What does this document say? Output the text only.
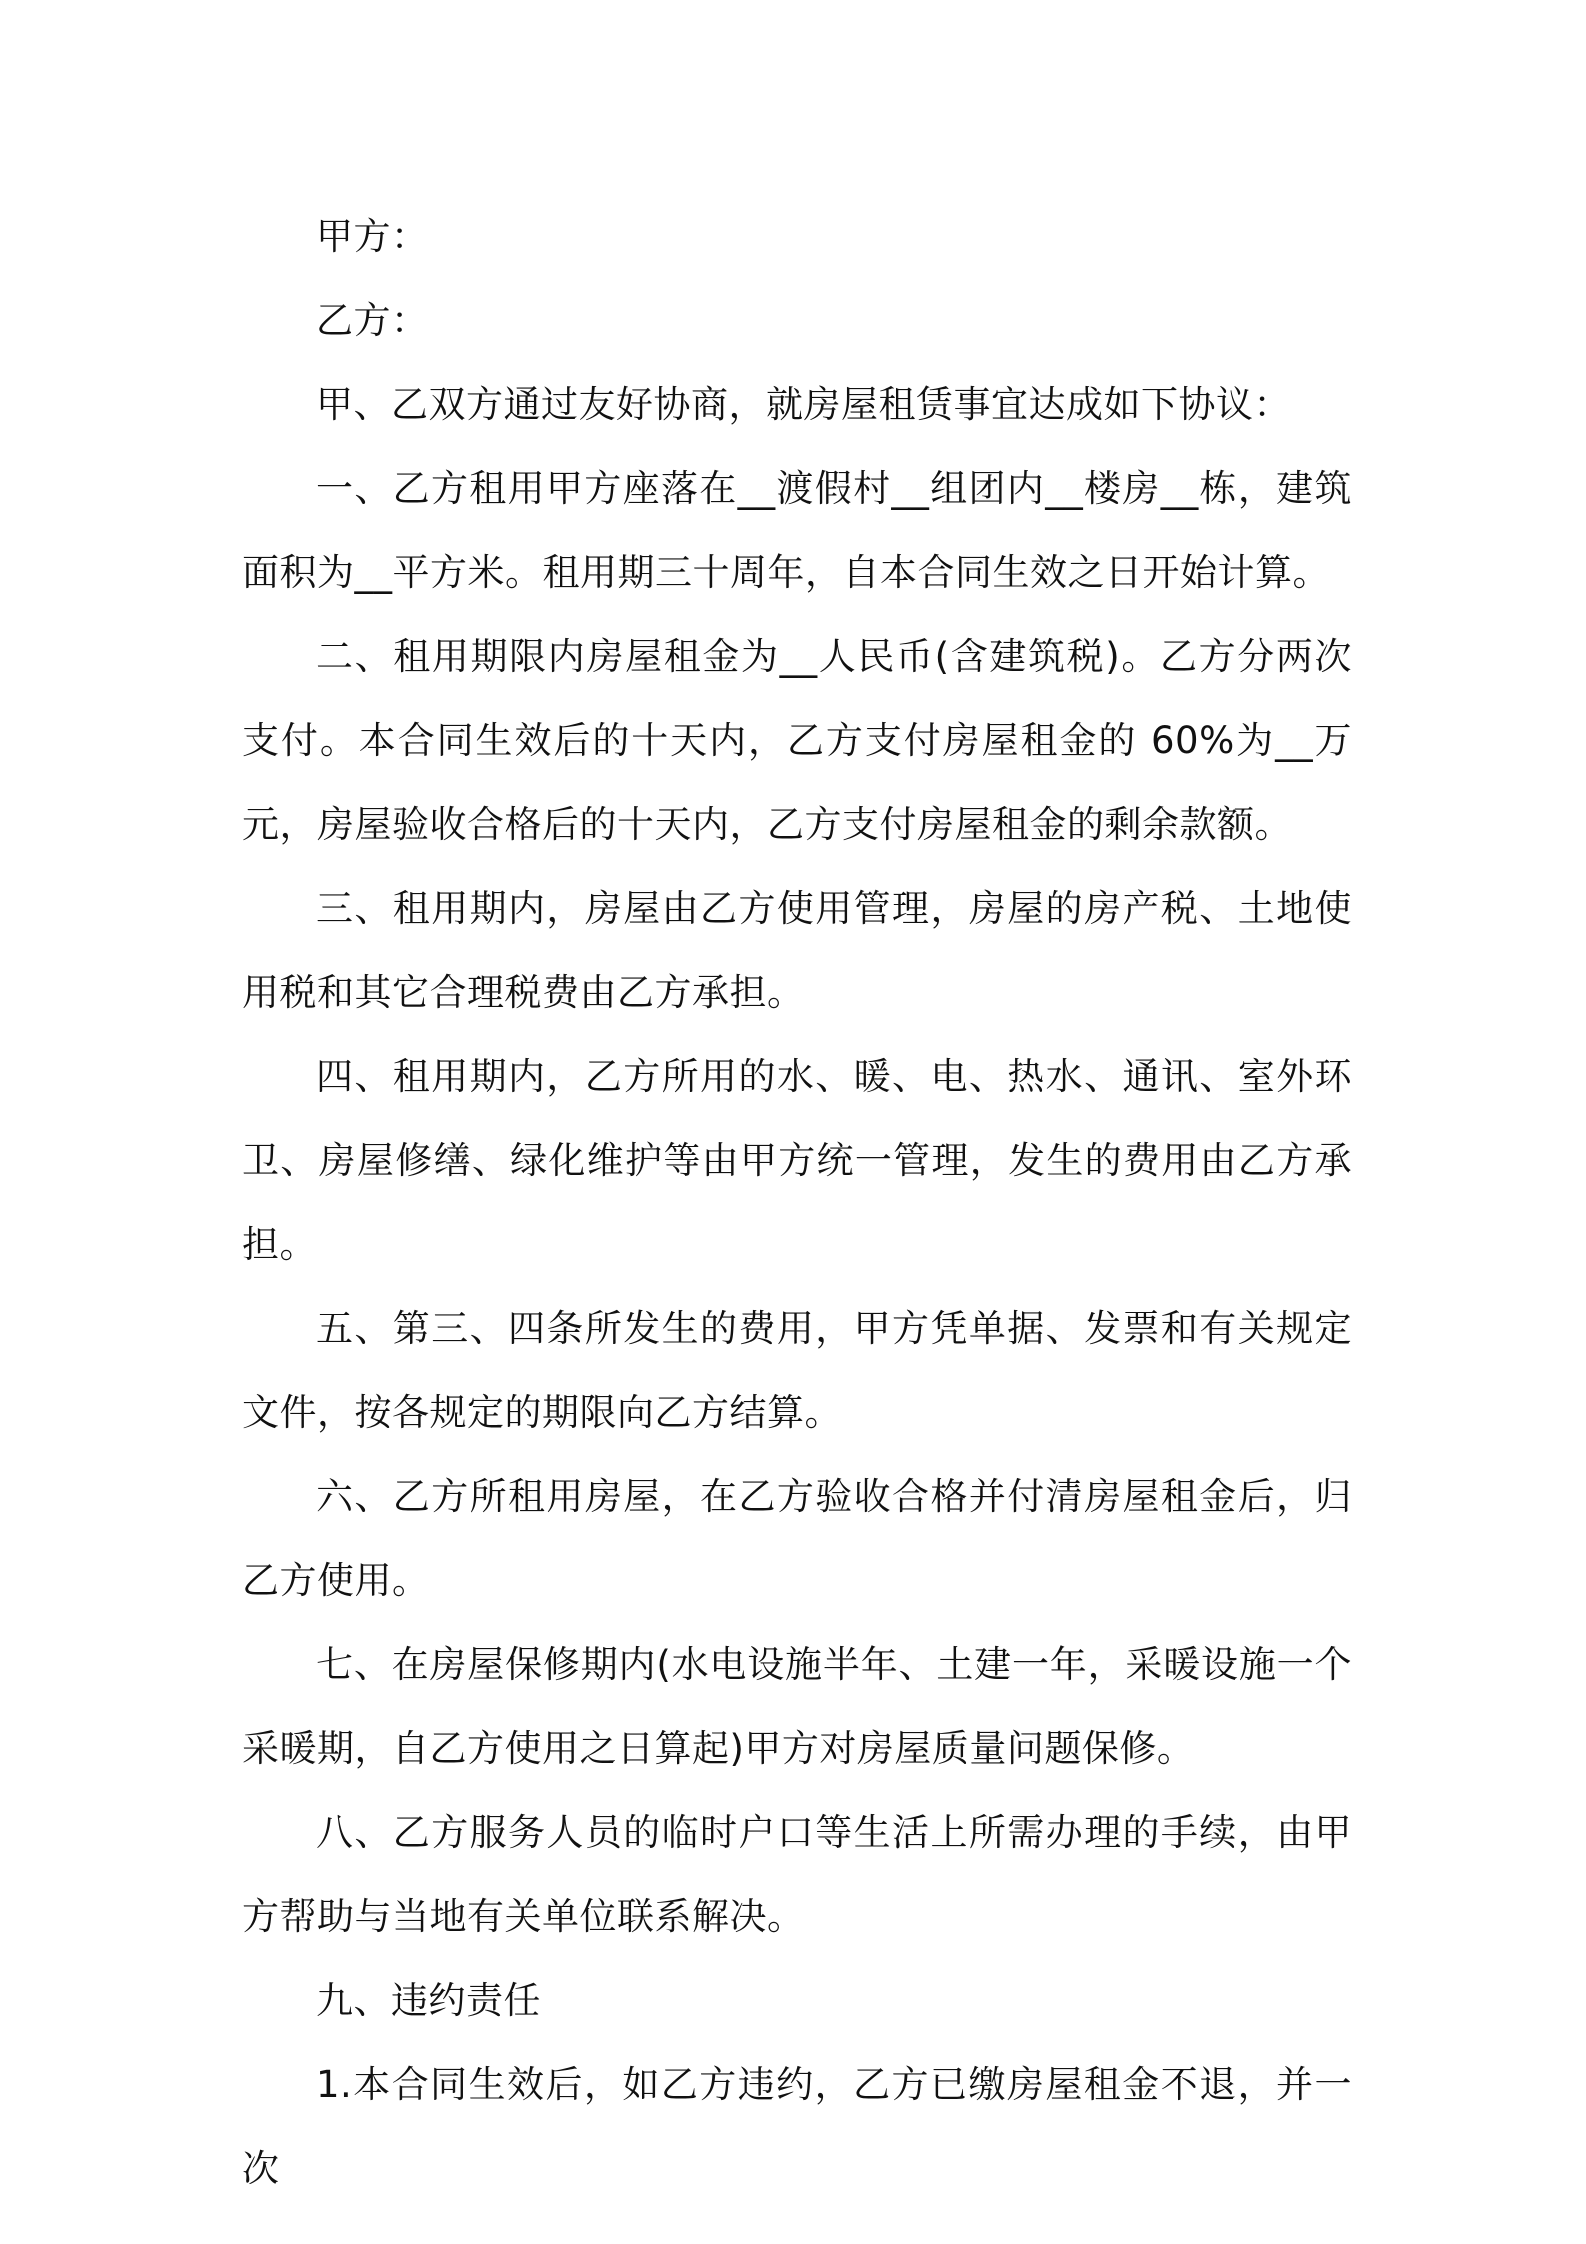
甲方：

乙方：

甲、乙双方通过友好协商，就房屋租赁事宜达成如下协议：

一、乙方租用甲方座落在__渡假村__组团内__楼房__栋，建筑面积为__平方米。租用期三十周年，自本合同生效之日开始计算。

二、租用期限内房屋租金为__人民币(含建筑税)。乙方分两次支付。本合同生效后的十天内，乙方支付房屋租金的 60%为__万元，房屋验收合格后的十天内，乙方支付房屋租金的剩余款额。

三、租用期内，房屋由乙方使用管理，房屋的房产税、土地使用税和其它合理税费由乙方承担。

四、租用期内，乙方所用的水、暖、电、热水、通讯、室外环卫、房屋修缮、绿化维护等由甲方统一管理，发生的费用由乙方承担。

五、第三、四条所发生的费用，甲方凭单据、发票和有关规定文件，按各规定的期限向乙方结算。

六、乙方所租用房屋，在乙方验收合格并付清房屋租金后，归乙方使用。

七、在房屋保修期内(水电设施半年、土建一年，采暖设施一个采暖期，自乙方使用之日算起)甲方对房屋质量问题保修。

八、乙方服务人员的临时户口等生活上所需办理的手续，由甲方帮助与当地有关单位联系解决。

九、违约责任

1.本合同生效后，如乙方违约，乙方已缴房屋租金不退，并一次
